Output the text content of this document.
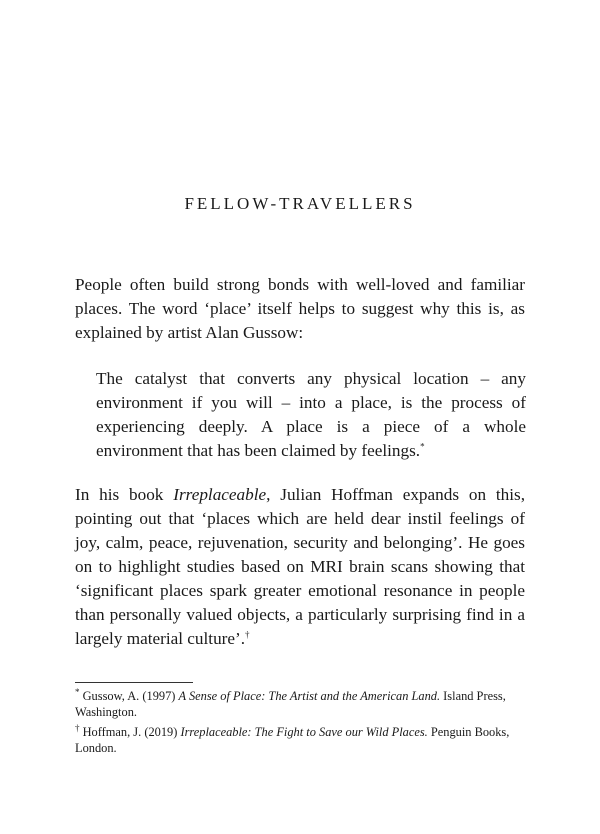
FELLOW-TRAVELLERS

People often build strong bonds with well-loved and familiar places. The word ‘place’ itself helps to suggest why this is, as explained by artist Alan Gussow:

The catalyst that converts any physical location – any environment if you will – into a place, is the process of experiencing deeply. A place is a piece of a whole environment that has been claimed by feelings.*

In his book Irreplaceable, Julian Hoffman expands on this, pointing out that ‘places which are held dear instil feelings of joy, calm, peace, rejuvenation, security and belonging’. He goes on to highlight studies based on MRI brain scans showing that ‘significant places spark greater emotional resonance in people than personally valued objects, a particularly surprising find in a largely material culture’.†

* Gussow, A. (1997) A Sense of Place: The Artist and the American Land. Island Press, Washington.

† Hoffman, J. (2019) Irreplaceable: The Fight to Save our Wild Places. Penguin Books, London.
